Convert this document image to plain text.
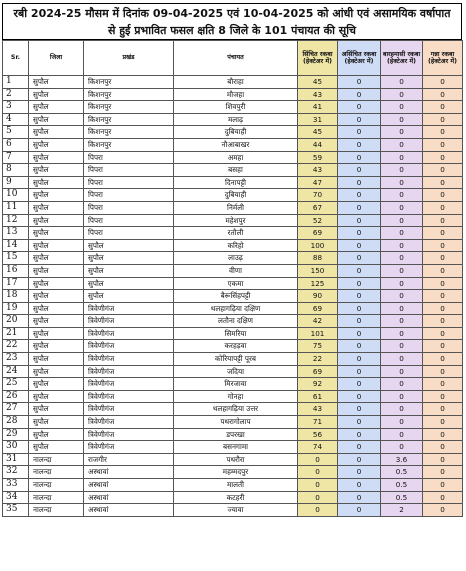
रबी 2024-25 मौसम में दिनांक 09-04-2025 एवं 10-04-2025 को आंधी एवं असामयिक वर्षापात
से हुई प्रभावित फसल क्षति 8 जिले के 101 पंचायत की सूचि
Sr.	जिला	प्रखंड	पंचायत	सिंचित रकबा (हेक्टेअर में)	असिंचित रकबा (हेक्टेअर में)	बारहमासी रकबा (हेक्टेअर में)	गन्ना रकबा (हेक्टेअर में)
1	सुपौल	किशनपुर	बौराहा	45	0	0	0
2	सुपौल	किशनपुर	मौजहा	43	0	0	0
3	सुपौल	किशनपुर	शिवपुरी	41	0	0	0
4	सुपौल	किशनपुर	मलाढ़	31	0	0	0
5	सुपौल	किशनपुर	दुबियाही	45	0	0	0
6	सुपौल	किशनपुर	नौआबाखर	44	0	0	0
7	सुपौल	पिपरा	अमहा	59	0	0	0
8	सुपौल	पिपरा	बसहा	43	0	0	0
9	सुपौल	पिपरा	दिनापट्टी	47	0	0	0
10	सुपौल	पिपरा	दुबियाही	70	0	0	0
11	सुपौल	पिपरा	निर्मली	67	0	0	0
12	सुपौल	पिपरा	महेशपुर	52	0	0	0
13	सुपौल	पिपरा	रतौली	69	0	0	0
14	सुपौल	सुपौल	करिहो	100	0	0	0
15	सुपौल	सुपौल	लाउढ़	88	0	0	0
16	सुपौल	सुपौल	वीणा	150	0	0	0
17	सुपौल	सुपौल	एकमा	125	0	0	0
18	सुपौल	सुपौल	बैरूसिंहपट्टी	90	0	0	0
19	सुपौल	त्रिवेणीगंज	थलहागढ़िया दक्षिण	69	0	0	0
20	सुपौल	त्रिवेणीगंज	लतौना दक्षिण	42	0	0	0
21	सुपौल	त्रिवेणीगंज	सिमरिया	101	0	0	0
22	सुपौल	त्रिवेणीगंज	करहड़वा	75	0	0	0
23	सुपौल	त्रिवेणीगंज	कोरियापट्टी पूरब	22	0	0	0
24	सुपौल	त्रिवेणीगंज	जदिया	69	0	0	0
25	सुपौल	त्रिवेणीगंज	मिरजावा	92	0	0	0
26	सुपौल	त्रिवेणीगंज	गोनहा	61	0	0	0
27	सुपौल	त्रिवेणीगंज	थलहागढ़िया उत्तर	43	0	0	0
28	सुपौल	त्रिवेणीगंज	पथरागोलाप	71	0	0	0
29	सुपौल	त्रिवेणीगंज	डपरखा	56	0	0	0
30	सुपौल	त्रिवेणीगंज	बसनगामा	74	0	0	0
31	नालन्दा	राजगीर	पथरौरा	0	0	3.6	0
32	नालन्दा	अस्थावां	महम्मदपुर	0	0	0.5	0
33	नालन्दा	अस्थावां	मालती	0	0	0.5	0
34	नालन्दा	अस्थावां	कटहरी	0	0	0.5	0
35	नालन्दा	अस्थावां	ज्यावा	0	0	2	0
